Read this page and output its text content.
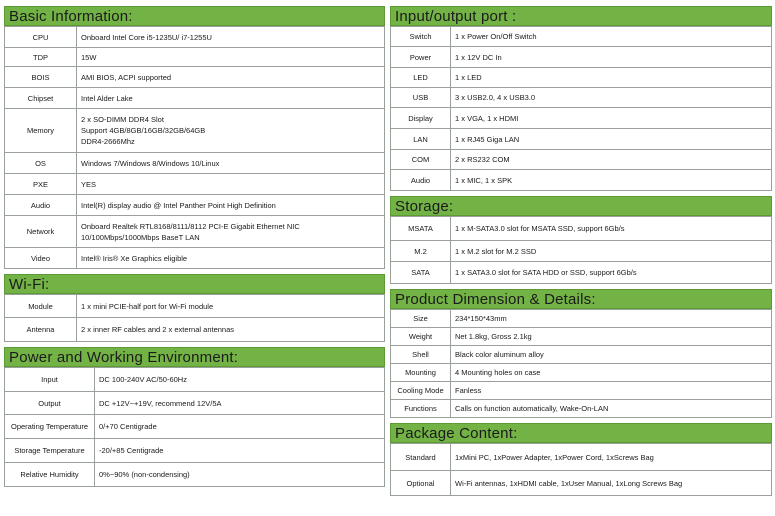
Basic Information:
CPU	Onboard Intel Core i5-1235U/ i7-1255U

TDP	15W

BOIS	AMI BIOS, ACPI supported

Chipset	Intel Alder Lake

Memory	2 x SO-DIMM DDR4 Slot
Support 4GB/8GB/16GB/32GB/64GB
DDR4-2666Mhz

OS	Windows 7/Windows 8/Windows 10/Linux

PXE	YES

Audio	Intel(R) display audio @ Intel Panther Point High Definition

Network	Onboard Realtek RTL8168/8111/8112 PCI-E Gigabit Ethernet NIC
10/100Mbps/1000Mbps BaseT LAN

Video	Intel® Iris® Xe Graphics eligible
Wi-Fi:
Module	1 x mini PCIE-half port for Wi-Fi module

Antenna	2 x inner RF cables and 2 x external antennas
Power and Working Environment:
Input	DC 100-240V AC/50-60Hz

Output	DC +12V~+19V, recommend 12V/5A

Operating Temperature	0/+70 Centigrade

Storage Temperature	-20/+85 Centigrade

Relative Humidity	0%~90% (non-condensing)
Input/output port :
Switch	1 x Power On/Off Switch

Power	1 x 12V DC In

LED	1 x LED

USB	3 x USB2.0, 4 x USB3.0

Display	1 x VGA, 1 x HDMI

LAN	1 x RJ45 Giga LAN

COM	2 x RS232 COM

Audio	1 x MIC, 1 x SPK
Storage:
MSATA	1 x M-SATA3.0 slot for MSATA SSD, support 6Gb/s

M.2	1 x M.2 slot for M.2 SSD

SATA	1 x SATA3.0 slot for SATA HDD or SSD, support 6Gb/s
Product Dimension & Details:
Size	234*150*43mm

Weight	Net 1.8kg, Gross 2.1kg

Shell	Black color aluminum alloy

Mounting	4 Mounting holes on case

Cooling Mode	Fanless

Functions	Calls on function automatically, Wake-On-LAN
Package Content:
Standard	1xMini PC, 1xPower Adapter, 1xPower Cord, 1xScrews Bag

Optional	Wi-Fi antennas, 1xHDMI cable, 1xUser Manual, 1xLong Screws Bag
